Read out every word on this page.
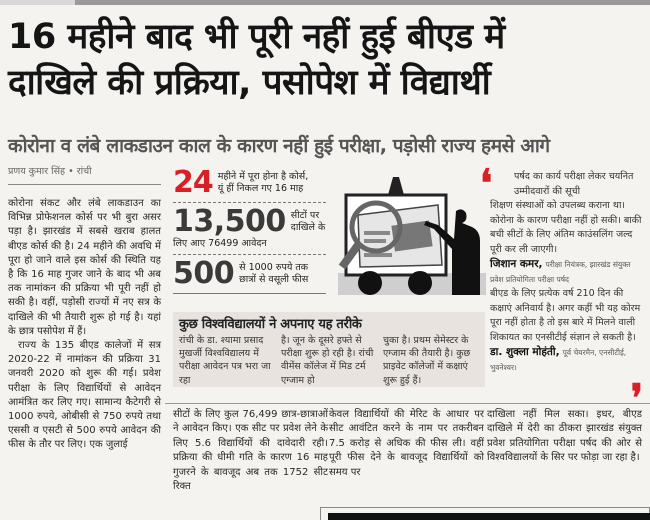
16 महीने बाद भी पूरी नहीं हुई बीएड में
दाखिले की प्रक्रिया, पसोपेश में विद्यार्थी
कोरोना व लंबे लाकडाउन काल के कारण नहीं हुई परीक्षा, पड़ोसी राज्य हमसे आगे
प्रणय कुमार सिंह • रांची

कोरोना संकट और लंबे लाकडाउन का विभिन्न प्रोफेशनल कोर्स पर भी बुरा असर पड़ा है। झारखंड में सबसे खराब हालत बीएड कोर्स की है। 24 महीने की अवधि में पूरा हो जाने वाले इस कोर्स की स्थिति यह है कि 16 माह गुजर जाने के बाद भी अब तक नामांकन की प्रक्रिया भी पूरी नहीं हो सकी है। वहीं, पड़ोसी राज्यों में नए सत्र के दाखिले की भी तैयारी शुरू हो गई है। यहां के छात्र पसोपेश में हैं।

राज्य के 135 बीएड कालेजों में सत्र 2020-22 में नामांकन की प्रक्रिया 31 जनवरी 2020 को शुरू की गई। प्रवेश परीक्षा के लिए विद्यार्थियों से आवेदन आमंत्रित कर लिए गए। सामान्य कैटेगरी से 1000 रुपये, ओबीसी से 750 रुपये तथा एससी व एसटी से 500 रुपये आवेदन की फीस के तौर पर लिए। एक जुलाई

24 महीने में पूरा होना है कोर्स,
यूं हीं निकल गए 16 माह
13,500 सीटों पर
दाखिले के
लिए आए 76499 आवेदन
500 से 1000 रुपये तक
छात्रों से वसूली फीस
❛	पर्षद का कार्य परीक्षा लेकर चयनित उम्मीदवारों की सूची
शिक्षण संस्थाओं को उपलब्ध कराना था। कोरोना के कारण परीक्षा नहीं हो सकी। बाकी बची सीटों के लिए अंतिम काउंसलिंग जल्द पूरी कर ली जाएगी।
जिशान कमर, परीक्षा नियंत्रक, झारखंड संयुक्त प्रवेश प्रतियोगिता परीक्षा पर्षद
बीएड के लिए प्रत्येक वर्ष 210 दिन की कक्षाएं अनिवार्य है। अगर कहीं भी यह कोरम पूरा नहीं होता है तो इस बारे में मिलने वाली शिकायत का एनसीटीई संज्ञान ले सकती है।
डा. शुक्ला मोहंती, पूर्व चेयरमैन, एनसीटीई, भुवनेश्वर।
❜
कुछ विश्वविद्यालयों ने अपनाए यह तरीके
रांची के डा. श्यामा प्रसाद मुखर्जी विश्वविद्यालय में परीक्षा आवेदन पत्र भरा जा रहा
है। जून के दूसरे हफ्ते से परीक्षा शुरू हो रही है। रांची वीमेंस कॉलेज में मिड टर्म एग्जाम हो
चुका है। प्रथम सेमेस्टर के एग्जाम की तैयारी है। कुछ प्राइवेट कॉलेजों में कक्षाएं शुरू हुई हैं।
सीटों के लिए कुल 76,499 छात्र-छात्राओं ने आवेदन किए। एक सीट पर प्रवेश लेने के लिए 5.6 विद्यार्थियों की दावेदारी रही। प्रक्रिया की धीमी गति के कारण 16 माह गुजरने के बावजूद अब तक 1752 सीट रिक्त
केवल विद्यार्थियों की मेरिट के आधार पर सीट आवंटित करने के नाम पर तकरीबन 7.5 करोड़ से अधिक की फीस ली। वहीं पूरी फीस देने के बावजूद विद्यार्थियों को समय पर
दाखिला नहीं मिल सका। इधर, बीएड दाखिले में देरी का ठीकरा झारखंड संयुक्त प्रवेश प्रतियोगिता परीक्षा पर्षद की ओर से विश्वविद्यालयों के सिर पर फोड़ा जा रहा है।
